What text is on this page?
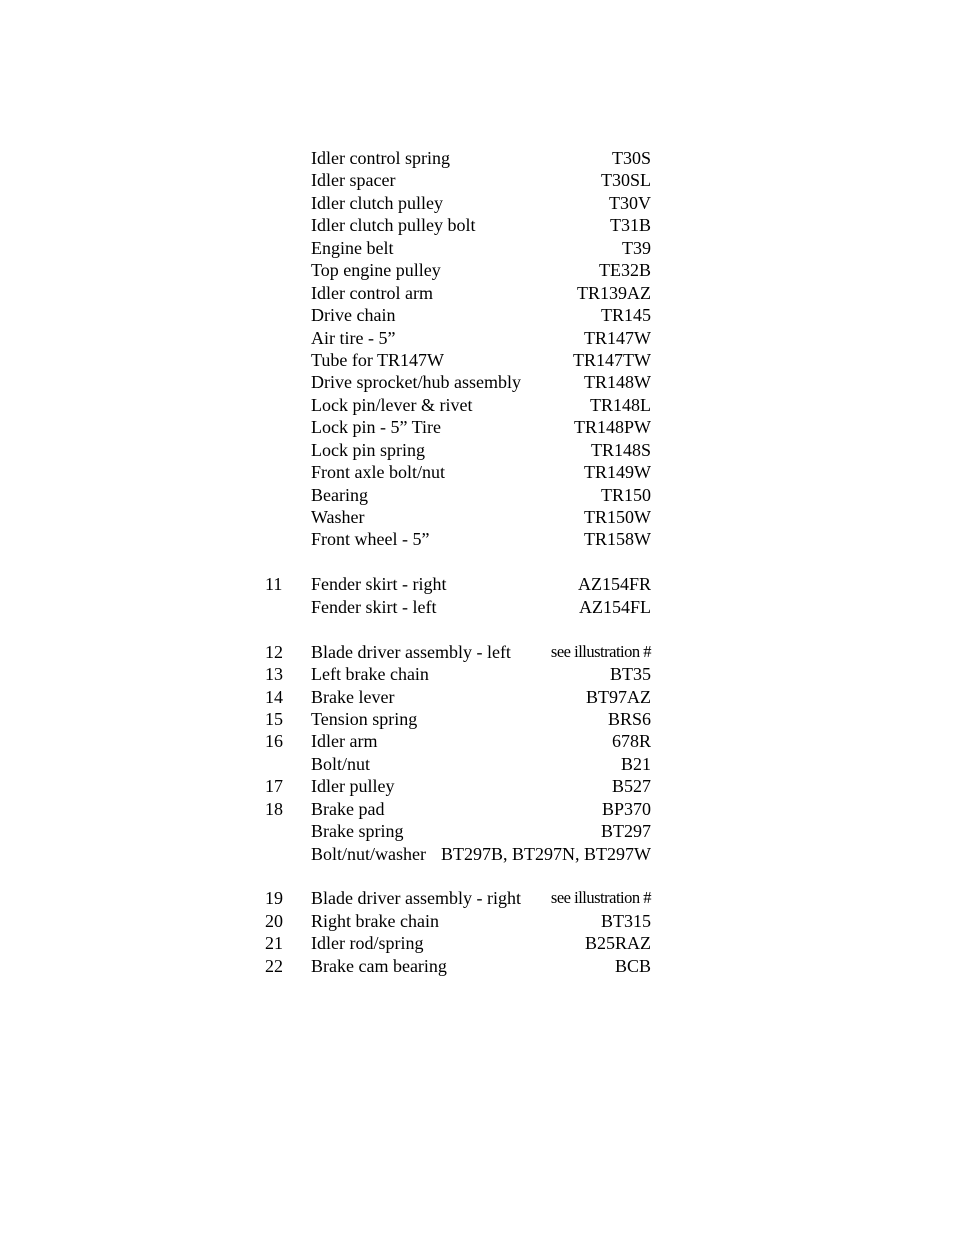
Idler control spring	T30S
Idler spacer	T30SL
Idler clutch pulley	T30V
Idler clutch pulley bolt	T31B
Engine belt	T39
Top engine pulley	TE32B
Idler control arm	TR139AZ
Drive chain	TR145
Air tire - 5”	TR147W
Tube for TR147W	TR147TW
Drive sprocket/hub assembly	TR148W
Lock pin/lever & rivet	TR148L
Lock pin - 5” Tire	TR148PW
Lock pin spring	TR148S
Front axle bolt/nut	TR149W
Bearing	TR150
Washer	TR150W
Front wheel - 5”	TR158W
11 Fender skirt - right	AZ154FR
Fender skirt - left	AZ154FL
12 Blade driver assembly - left see illustration #
13 Left brake chain	BT35
14 Brake lever	BT97AZ
15 Tension spring	BRS6
16 Idler arm	678R
Bolt/nut	B21
17 Idler pulley	B527
18 Brake pad	BP370
Brake spring	BT297
Bolt/nut/washer BT297B, BT297N, BT297W
19 Blade driver assembly - right see illustration #
20 Right brake chain	BT315
21 Idler rod/spring	B25RAZ
22 Brake cam bearing	BCB
